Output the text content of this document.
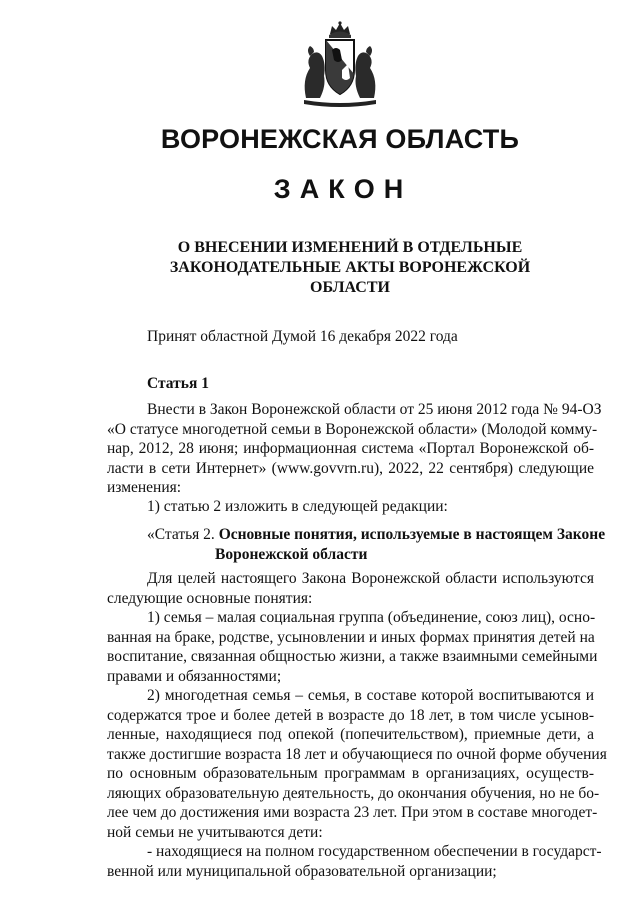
ВОРОНЕЖСКАЯ ОБЛАСТЬ
ЗАКОН
О ВНЕСЕНИИ ИЗМЕНЕНИЙ В ОТДЕЛЬНЫЕ
ЗАКОНОДАТЕЛЬНЫЕ АКТЫ ВОРОНЕЖСКОЙ
ОБЛАСТИ
Принят областной Думой 16 декабря 2022 года
Статья 1
Внести в Закон Воронежской области от 25 июня 2012 года № 94-ОЗ
«О статусе многодетной семьи в Воронежской области» (Молодой комму-
нар, 2012, 28 июня; информационная система «Портал Воронежской об-
ласти в сети Интернет» (www.govvrn.ru), 2022, 22 сентября) следующие
изменения:
1) статью 2 изложить в следующей редакции:
«Статья 2. Основные понятия, используемые в настоящем Законе
Воронежской области
Для целей настоящего Закона Воронежской области используются
следующие основные понятия:
1) семья – малая социальная группа (объединение, союз лиц), осно-
ванная на браке, родстве, усыновлении и иных формах принятия детей на
воспитание, связанная общностью жизни, а также взаимными семейными
правами и обязанностями;
2) многодетная семья – семья, в составе которой воспитываются и
содержатся трое и более детей в возрасте до 18 лет, в том числе усынов-
ленные, находящиеся под опекой (попечительством), приемные дети, а
также достигшие возраста 18 лет и обучающиеся по очной форме обучения
по основным образовательным программам в организациях, осуществ-
ляющих образовательную деятельность, до окончания обучения, но не бо-
лее чем до достижения ими возраста 23 лет. При этом в составе многодет-
ной семьи не учитываются дети:
- находящиеся на полном государственном обеспечении в государст-
венной или муниципальной образовательной организации;
